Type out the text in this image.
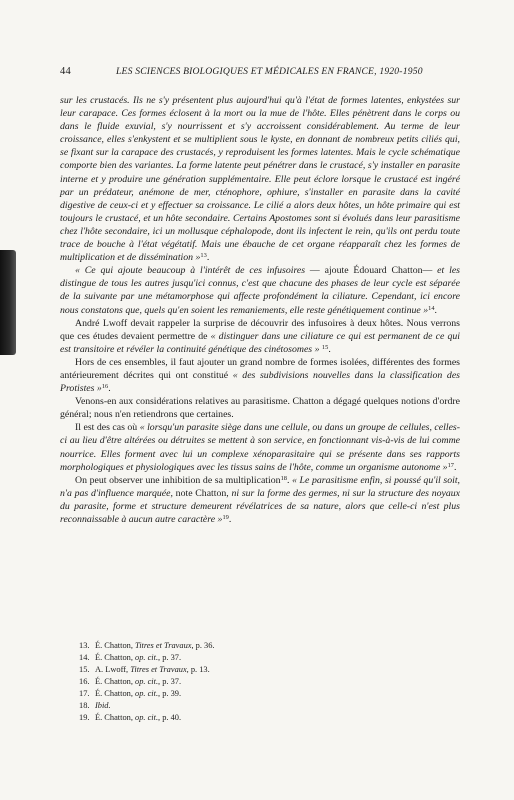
44	LES SCIENCES BIOLOGIQUES ET MÉDICALES EN FRANCE, 1920-1950

sur les crustacés. Ils ne s'y présentent plus aujourd'hui qu'à l'état de formes latentes, enkystées sur leur carapace. Ces formes éclosent à la mort ou la mue de l'hôte. Elles pénètrent dans le corps ou dans le fluide exuvial, s'y nourrissent et s'y accroissent considérablement. Au terme de leur croissance, elles s'enkystent et se multiplient sous le kyste, en donnant de nombreux petits ciliés qui, se fixant sur la carapace des crustacés, y reproduisent les formes latentes. Mais le cycle schématique comporte bien des variantes. La forme latente peut pénétrer dans le crustacé, s'y installer en parasite interne et y produire une génération supplémentaire. Elle peut éclore lorsque le crustacé est ingéré par un prédateur, anémone de mer, cténophore, ophiure, s'installer en parasite dans la cavité digestive de ceux-ci et y effectuer sa croissance. Le cilié a alors deux hôtes, un hôte primaire qui est toujours le crustacé, et un hôte secondaire. Certains Apostomes sont si évolués dans leur parasitisme chez l'hôte secondaire, ici un mollusque céphalopode, dont ils infectent le rein, qu'ils ont perdu toute trace de bouche à l'état végétatif. Mais une ébauche de cet organe réapparaît chez les formes de multiplication et de dissémination »$^{13}$.

« Ce qui ajoute beaucoup à l'intérêt de ces infusoires — ajoute Édouard Chatton— et les distingue de tous les autres jusqu'ici connus, c'est que chacune des phases de leur cycle est séparée de la suivante par une métamorphose qui affecte profondément la ciliature. Cependant, ici encore nous constatons que, quels qu'en soient les remaniements, elle reste génétiquement continue »$^{14}$.

André Lwoff devait rappeler la surprise de découvrir des infusoires à deux hôtes. Nous verrons que ces études devaient permettre de « distinguer dans une ciliature ce qui est permanent de ce qui est transitoire et révéler la continuité génétique des cinétosomes » $^{15}$.

Hors de ces ensembles, il faut ajouter un grand nombre de formes isolées, différentes des formes antérieurement décrites qui ont constitué « des subdivisions nouvelles dans la classification des Protistes »$^{16}$.

Venons-en aux considérations relatives au parasitisme. Chatton a dégagé quelques notions d'ordre général; nous n'en retiendrons que certaines.

Il est des cas où « lorsqu'un parasite siège dans une cellule, ou dans un groupe de cellules, celles-ci au lieu d'être altérées ou détruites se mettent à son service, en fonctionnant vis-à-vis de lui comme nourrice. Elles forment avec lui un complexe xénoparasitaire qui se présente dans ses rapports morphologiques et physiologiques avec les tissus sains de l'hôte, comme un organisme autonome »$^{17}$.

On peut observer une inhibition de sa multiplication$^{18}$. « Le parasitisme enfin, si poussé qu'il soit, n'a pas d'influence marquée, note Chatton, ni sur la forme des germes, ni sur la structure des noyaux du parasite, forme et structure demeurent révélatrices de sa nature, alors que celle-ci n'est plus reconnaissable à aucun autre caractère »$^{19}$.

13. É. Chatton, Titres et Travaux, p. 36.
14. É. Chatton, op. cit., p. 37.
15. A. Lwoff, Titres et Travaux, p. 13.
16. É. Chatton, op. cit., p. 37.
17. É. Chatton, op. cit., p. 39.
18. Ibid.
19. É. Chatton, op. cit., p. 40.
